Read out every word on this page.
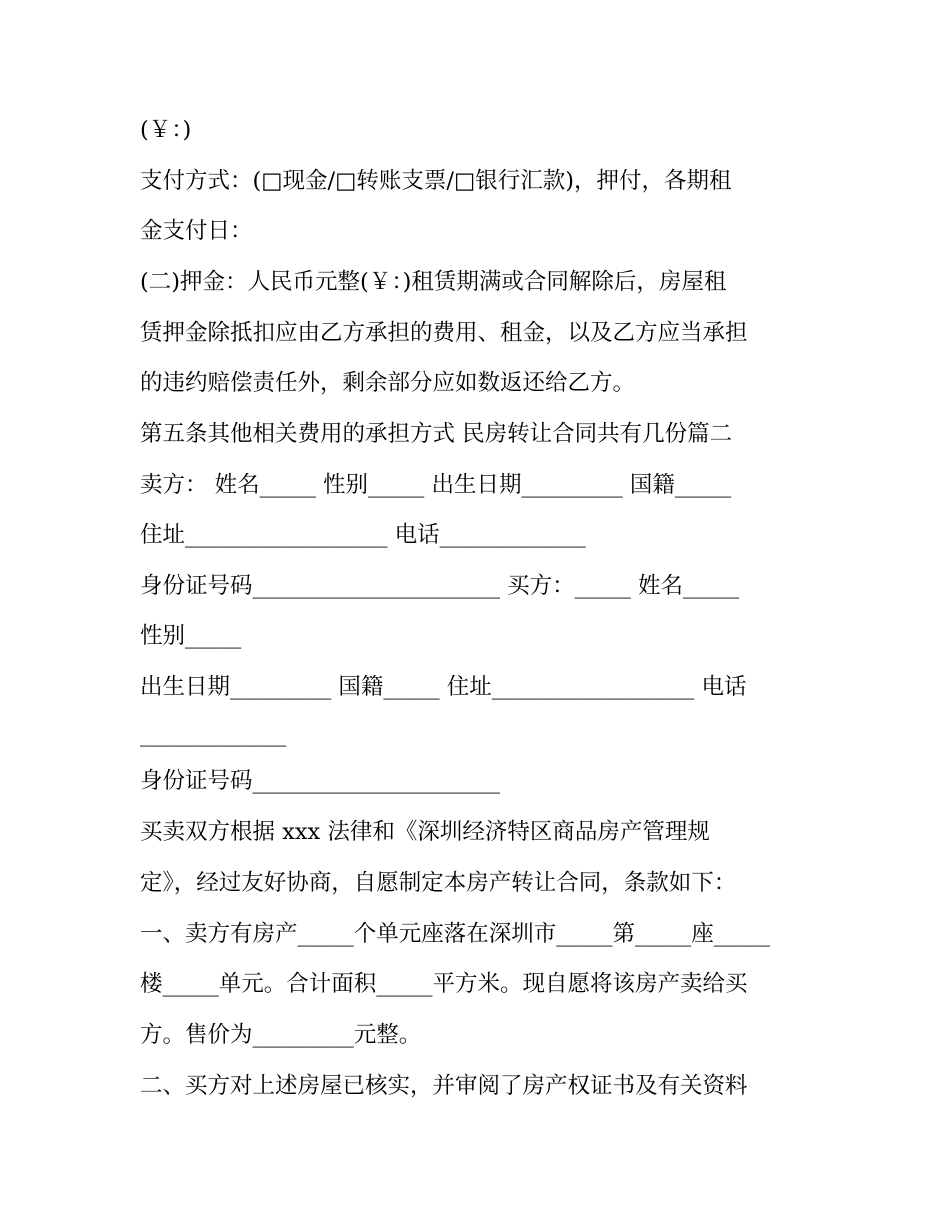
(￥：)
支付方式：(□现金/□转账支票/□银行汇款)，押付，各期租
金支付日：
(二)押金：人民币元整(￥：)租赁期满或合同解除后，房屋租
赁押金除抵扣应由乙方承担的费用、租金，以及乙方应当承担
的违约赔偿责任外，剩余部分应如数返还给乙方。
第五条其他相关费用的承担方式 民房转让合同共有几份篇二
卖方： 姓名_____ 性别_____ 出生日期_________ 国籍_____
住址__________________ 电话_____________
身份证号码______________________ 买方：_____ 姓名_____
性别_____
出生日期_________ 国籍_____ 住址__________________ 电话
_____________
身份证号码______________________
买卖双方根据 xxx 法律和《深圳经济特区商品房产管理规
定》，经过友好协商，自愿制定本房产转让合同，条款如下：
一、卖方有房产_____个单元座落在深圳市_____第_____座_____
楼_____单元。合计面积_____平方米。现自愿将该房产卖给买
方。售价为_________元整。
二、买方对上述房屋已核实，并审阅了房产权证书及有关资料
